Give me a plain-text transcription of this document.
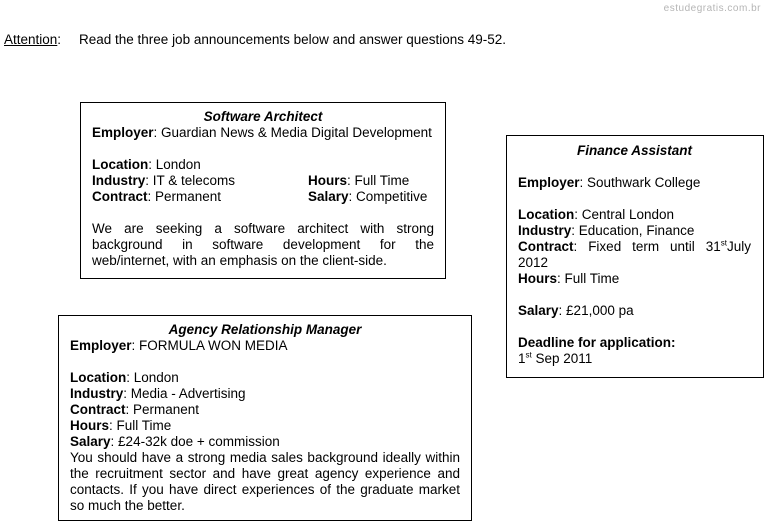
estudegratis.com.br
Attention: Read the three job announcements below and answer questions 49-52.
Software Architect
Employer: Guardian News & Media Digital Development
Location: London
Industry: IT & telecoms	Hours: Full Time
Contract: Permanent	Salary: Competitive
We are seeking a software architect with strong background in software development for the web/internet, with an emphasis on the client-side.
Finance Assistant
Employer: Southwark College
Location: Central London
Industry: Education, Finance
Contract: Fixed term until 31stJuly
2012
Hours: Full Time
Salary: £21,000 pa
Deadline for application:
1st Sep 2011
Agency Relationship Manager
Employer: FORMULA WON MEDIA
Location: London
Industry: Media - Advertising
Contract: Permanent
Hours: Full Time
Salary: £24-32k doe + commission
You should have a strong media sales background ideally within the recruitment sector and have great agency experience and contacts. If you have direct experiences of the graduate market so much the better.
